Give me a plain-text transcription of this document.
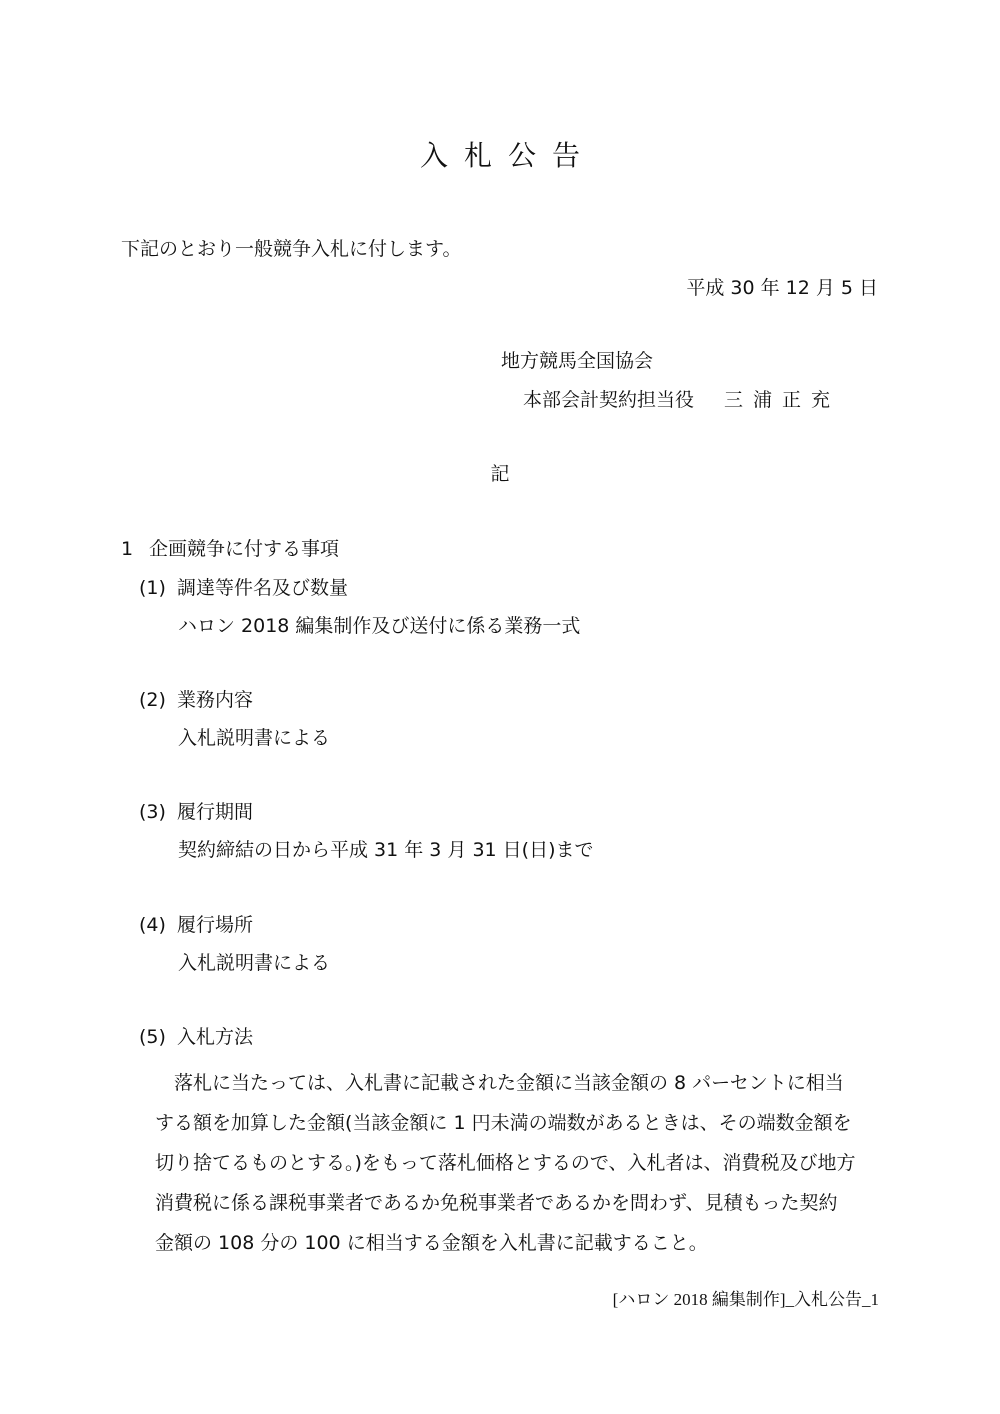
入札公告
下記のとおり一般競争入札に付します。
平成 30 年 12 月 5 日
地方競馬全国協会
本部会計契約担当役 三浦正充
記
1 企画競争に付する事項
(1) 調達等件名及び数量
ハロン 2018 編集制作及び送付に係る業務一式
(2) 業務内容
入札説明書による
(3) 履行期間
契約締結の日から平成 31 年 3 月 31 日(日)まで
(4) 履行場所
入札説明書による
(5) 入札方法
　落札に当たっては、入札書に記載された金額に当該金額の 8 パーセントに相当
する額を加算した金額(当該金額に 1 円未満の端数があるときは、その端数金額を
切り捨てるものとする。)をもって落札価格とするので、入札者は、消費税及び地方
消費税に係る課税事業者であるか免税事業者であるかを問わず、見積もった契約
金額の 108 分の 100 に相当する金額を入札書に記載すること。
[ハロン 2018 編集制作]_入札公告_1
